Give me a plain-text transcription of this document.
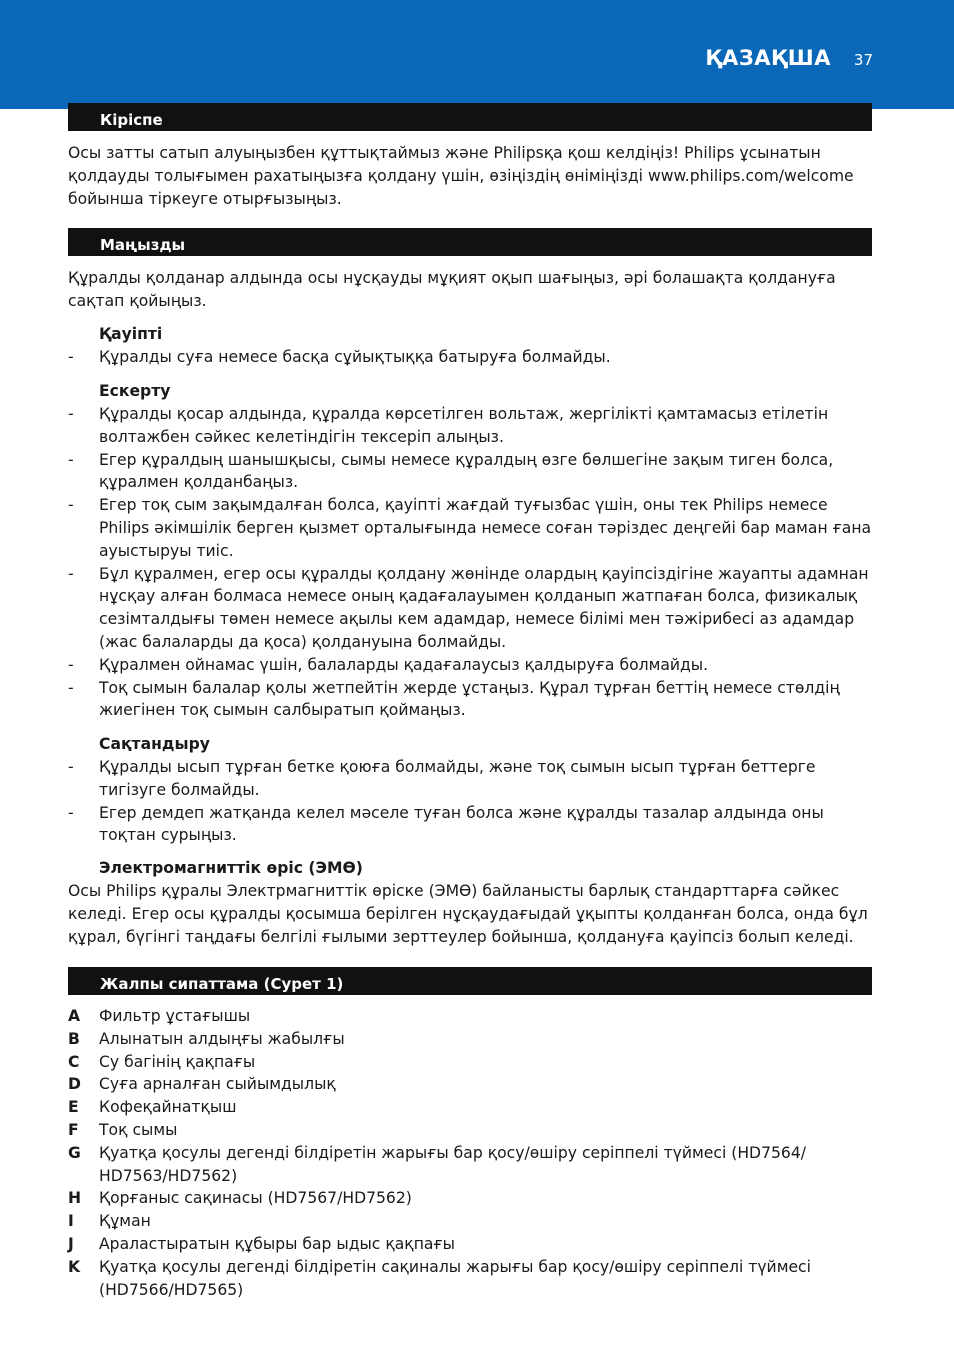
ҚАЗАҚША 37
Кіріспе

Осы затты сатып алуыңызбен құттықтаймыз және Philipsқа қош келдіңіз! Philips ұсынатын қолдауды толығымен рахатыңызға қолдану үшін, өзіңіздің өніміңізді www.philips.com/welcome бойынша тіркеуге отырғызыңыз.

Маңызды

Құралды қолданар алдында осы нұсқауды мұқият оқып шағыңыз, әрі болашақта қолдануға сақтап қойыңыз.

Қауіпті
- Құралды суға немесе басқа сұйықтыққа батыруға болмайды.
Ескерту
- Құралды қосар алдында, құралда көрсетілген вольтаж, жергілікті қамтамасыз етілетін волтажбен сәйкес келетіндігін тексеріп алыңыз.
- Егер құралдың шанышқысы, сымы немесе құралдың өзге бөлшегіне зақым тиген болса, құралмен қолданбаңыз.
- Егер тоқ сым зақымдалған болса, қауіпті жағдай туғызбас үшін, оны тек Philips немесе Philips әкімшілік берген қызмет орталығында немесе соған тәріздес деңгейі бар маман ғана ауыстыруы тиіс.
- Бұл құралмен, егер осы құралды қолдану жөнінде олардың қауіпсіздігіне жауапты адамнан нұсқау алған болмаса немесе оның қадағалауымен қолданып жатпаған болса, физикалық сезімталдығы төмен немесе ақылы кем адамдар, немесе білімі мен тәжірибесі аз адамдар (жас балаларды да қоса) қолдануына болмайды.
- Құралмен ойнамас үшін, балаларды қадағалаусыз қалдыруға болмайды.
- Тоқ сымын балалар қолы жетпейтін жерде ұстаңыз. Құрал тұрған беттің немесе стөлдің жиегінен тоқ сымын салбыратып қоймаңыз.
Сақтандыру
- Құралды ысып тұрған бетке қоюға болмайды, және тоқ сымын ысып тұрған беттерге тигізуге болмайды.
- Егер демдеп жатқанда келел мәселе туған болса және құралды тазалар алдында оны тоқтан сурыңыз.
Электромагниттік өріс (ЭМӨ)

Осы Philips құралы Электрмагниттік өріске (ЭМӨ) байланысты барлық стандарттарға сәйкес келеді. Егер осы құралды қосымша берілген нұсқаудағыдай ұқыпты қолданған болса, онда бұл құрал, бүгінгі таңдағы белгілі ғылыми зерттеулер бойынша, қолдануға қауіпсіз болып келеді.

Жалпы сипаттама (Сурет 1)
A Фильтр ұстағышы
B Алынатын алдыңғы жабылғы
C Су багінің қақпағы
D Суға арналған сыйымдылық
E Кофеқайнатқыш
F Тоқ сымы
G Қуатқа қосулы дегенді білдіретін жарығы бар қосу/өшіру серіппелі түймесі (HD7564/ HD7563/HD7562)
H Қорғаныс сақинасы (HD7567/HD7562)
I Құман
J Араластыратын құбыры бар ыдыс қақпағы
K Қуатқа қосулы дегенді білдіретін сақиналы жарығы бар қосу/өшіру серіппелі түймесі (HD7566/HD7565)
